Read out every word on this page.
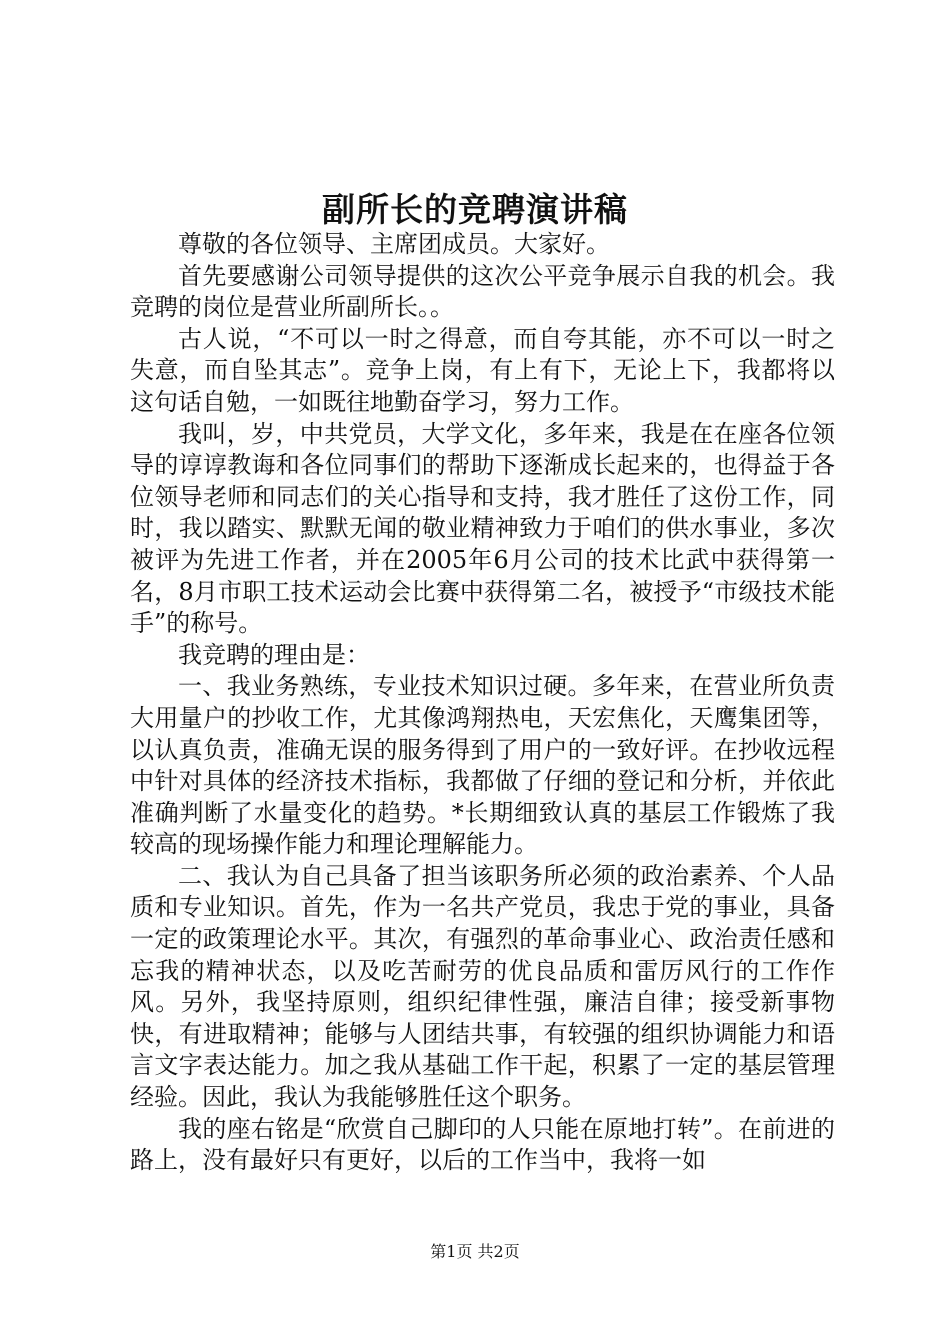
副所长的竞聘演讲稿

尊敬的各位领导、主席团成员。大家好。

首先要感谢公司领导提供的这次公平竞争展示自我的机会。我竞聘的岗位是营业所副所长。。

古人说，“不可以一时之得意，而自夸其能，亦不可以一时之失意，而自坠其志”。竞争上岗，有上有下，无论上下，我都将以这句话自勉，一如既往地勤奋学习，努力工作。

我叫，岁，中共党员，大学文化，多年来，我是在在座各位领导的谆谆教诲和各位同事们的帮助下逐渐成长起来的，也得益于各位领导老师和同志们的关心指导和支持，我才胜任了这份工作，同时，我以踏实、默默无闻的敬业精神致力于咱们的供水事业，多次被评为先进工作者，并在2005年6月公司的技术比武中获得第一名，8月市职工技术运动会比赛中获得第二名，被授予“市级技术能手”的称号。

我竞聘的理由是：

一、我业务熟练，专业技术知识过硬。多年来，在营业所负责大用量户的抄收工作，尤其像鸿翔热电，天宏焦化，天鹰集团等，以认真负责，准确无误的服务得到了用户的一致好评。在抄收远程中针对具体的经济技术指标，我都做了仔细的登记和分析，并依此准确判断了水量变化的趋势。*长期细致认真的基层工作锻炼了我较高的现场操作能力和理论理解能力。

二、我认为自己具备了担当该职务所必须的政治素养、个人品质和专业知识。首先，作为一名共产党员，我忠于党的事业，具备一定的政策理论水平。其次，有强烈的革命事业心、政治责任感和忘我的精神状态，以及吃苦耐劳的优良品质和雷厉风行的工作作风。另外，我坚持原则，组织纪律性强，廉洁自律；接受新事物快，有进取精神；能够与人团结共事，有较强的组织协调能力和语言文字表达能力。加之我从基础工作干起，积累了一定的基层管理经验。因此，我认为我能够胜任这个职务。

我的座右铭是“欣赏自己脚印的人只能在原地打转”。在前进的路上，没有最好只有更好，以后的工作当中，我将一如

第1页 共2页
